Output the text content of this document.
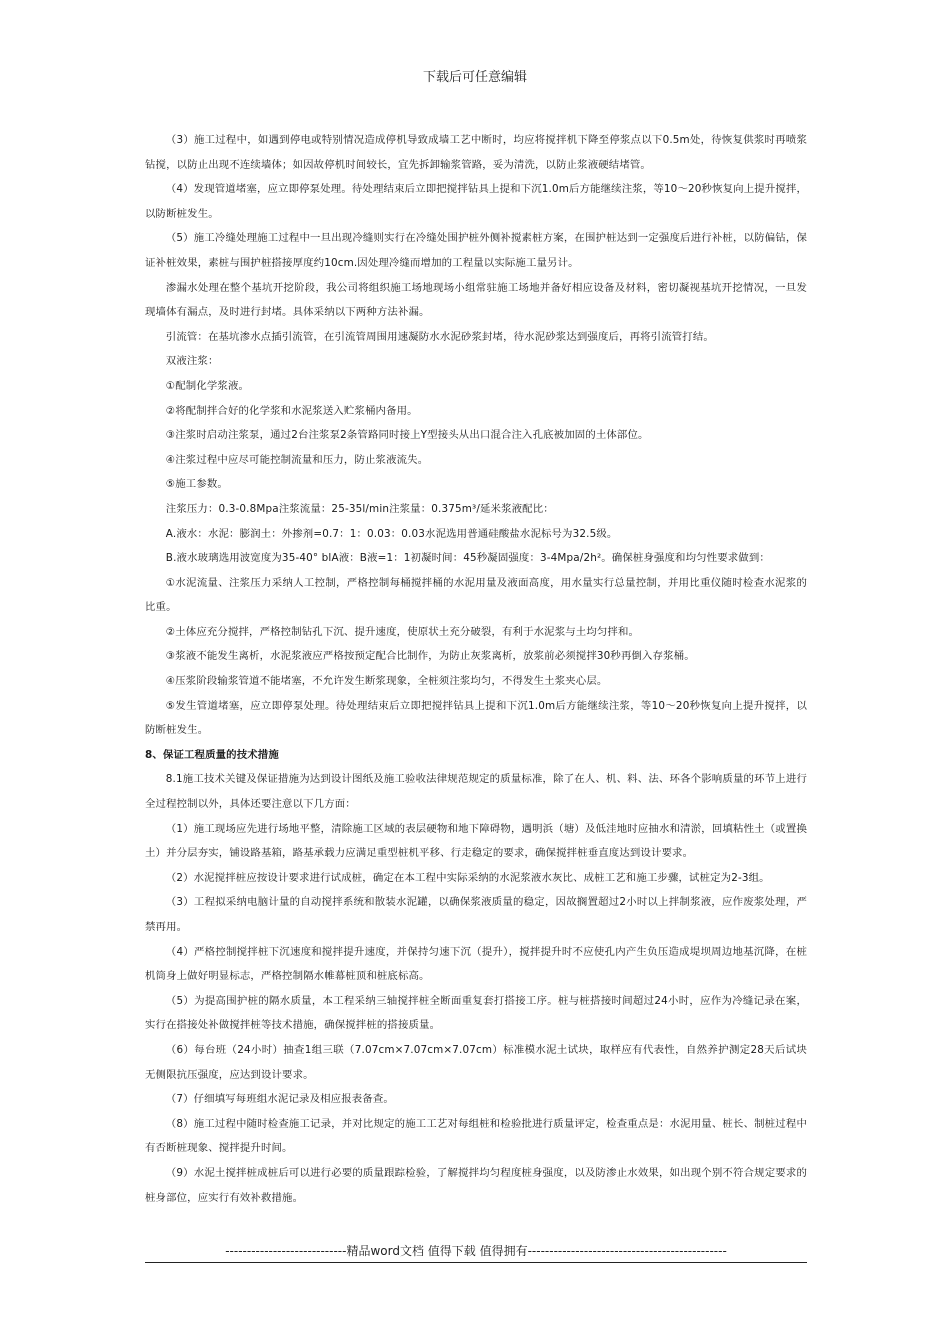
下载后可任意编辑

（3）施工过程中，如遇到停电或特别情况造成停机导致成墙工艺中断时，均应将搅拌机下降至停浆点以下0.5m处，待恢复供浆时再喷浆钻搅，以防止出现不连续墙体；如因故停机时间较长，宜先拆卸输浆管路，妥为清洗，以防止浆液硬结堵管。

（4）发现管道堵塞，应立即停泵处理。待处理结束后立即把搅拌钻具上提和下沉1.0m后方能继续注浆，等10～20秒恢复向上提升搅拌，以防断桩发生。

（5）施工冷缝处理施工过程中一旦出现冷缝则实行在冷缝处围护桩外侧补搅素桩方案，在围护桩达到一定强度后进行补桩，以防偏钻，保证补桩效果，素桩与围护桩搭接厚度约10cm.因处理冷缝而增加的工程量以实际施工量另计。

渗漏水处理在整个基坑开挖阶段，我公司将组织施工场地现场小组常驻施工场地并备好相应设备及材料，密切凝视基坑开挖情况，一旦发现墙体有漏点，及时进行封堵。具体采纳以下两种方法补漏。

引流管：在基坑渗水点插引流管，在引流管周围用速凝防水水泥砂浆封堵，待水泥砂浆达到强度后，再将引流管打结。

双液注浆：

①配制化学浆液。

②将配制拌合好的化学浆和水泥浆送入贮浆桶内备用。

③注浆时启动注浆泵，通过2台注浆泵2条管路同时接上Y型接头从出口混合注入孔底被加固的土体部位。

④注浆过程中应尽可能控制流量和压力，防止浆液流失。

⑤施工参数。

注浆压力：0.3-0.8Mpa注浆流量：25-35l/min注浆量：0.375m³/延米浆液配比：

A.液水：水泥：膨润土：外掺剂=0.7：1：0.03：0.03水泥选用普通硅酸盐水泥标号为32.5级。

B.液水玻璃选用波宽度为35-40° blA液：B液=1：1初凝时间：45秒凝固强度：3-4Mpa/2h²。确保桩身强度和均匀性要求做到：

①水泥流量、注浆压力采纳人工控制，严格控制每桶搅拌桶的水泥用量及液面高度，用水量实行总量控制，并用比重仪随时检查水泥浆的比重。

②土体应充分搅拌，严格控制钻孔下沉、提升速度，使原状土充分破裂，有利于水泥浆与土均匀拌和。

③浆液不能发生离析，水泥浆液应严格按预定配合比制作，为防止灰浆离析，放浆前必须搅拌30秒再倒入存浆桶。

④压浆阶段输浆管道不能堵塞，不允许发生断浆现象，全桩须注浆均匀，不得发生土浆夹心层。

⑤发生管道堵塞，应立即停泵处理。待处理结束后立即把搅拌钻具上提和下沉1.0m后方能继续注浆，等10～20秒恢复向上提升搅拌，以防断桩发生。

8、保证工程质量的技术措施

8.1施工技术关键及保证措施为达到设计图纸及施工验收法律规范规定的质量标准，除了在人、机、料、法、环各个影响质量的环节上进行全过程控制以外，具体还要注意以下几方面：

（1）施工现场应先进行场地平整，清除施工区域的表层硬物和地下障碍物，遇明浜（塘）及低洼地时应抽水和清淤，回填粘性土（或置换土）并分层夯实，铺设路基箱，路基承载力应满足重型桩机平移、行走稳定的要求，确保搅拌桩垂直度达到设计要求。

（2）水泥搅拌桩应按设计要求进行试成桩，确定在本工程中实际采纳的水泥浆液水灰比、成桩工艺和施工步骤，试桩定为2-3组。

（3）工程拟采纳电脑计量的自动搅拌系统和散装水泥罐，以确保浆液质量的稳定，因故搁置超过2小时以上拌制浆液，应作废浆处理，严禁再用。

（4）严格控制搅拌桩下沉速度和搅拌提升速度，并保持匀速下沉（提升），搅拌提升时不应使孔内产生负压造成堤坝周边地基沉降，在桩机筒身上做好明显标志，严格控制隔水帷幕桩顶和桩底标高。

（5）为提高围护桩的隔水质量，本工程采纳三轴搅拌桩全断面重复套打搭接工序。桩与桩搭接时间超过24小时，应作为冷缝记录在案，实行在搭接处补做搅拌桩等技术措施，确保搅拌桩的搭接质量。

（6）每台班（24小时）抽查1组三联（7.07cm×7.07cm×7.07cm）标准模水泥土试块，取样应有代表性，自然养护测定28天后试块无侧限抗压强度，应达到设计要求。

（7）仔细填写每班组水泥记录及相应报表备查。

（8）施工过程中随时检查施工记录，并对比规定的施工工艺对每组桩和检验批进行质量评定，检查重点是：水泥用量、桩长、制桩过程中有否断桩现象、搅拌提升时间。

（9）水泥土搅拌桩成桩后可以进行必要的质量跟踪检验，了解搅拌均匀程度桩身强度，以及防渗止水效果，如出现个别不符合规定要求的桩身部位，应实行有效补救措施。

----------------------------精品word文档 值得下载 值得拥有----------------------------------------------
